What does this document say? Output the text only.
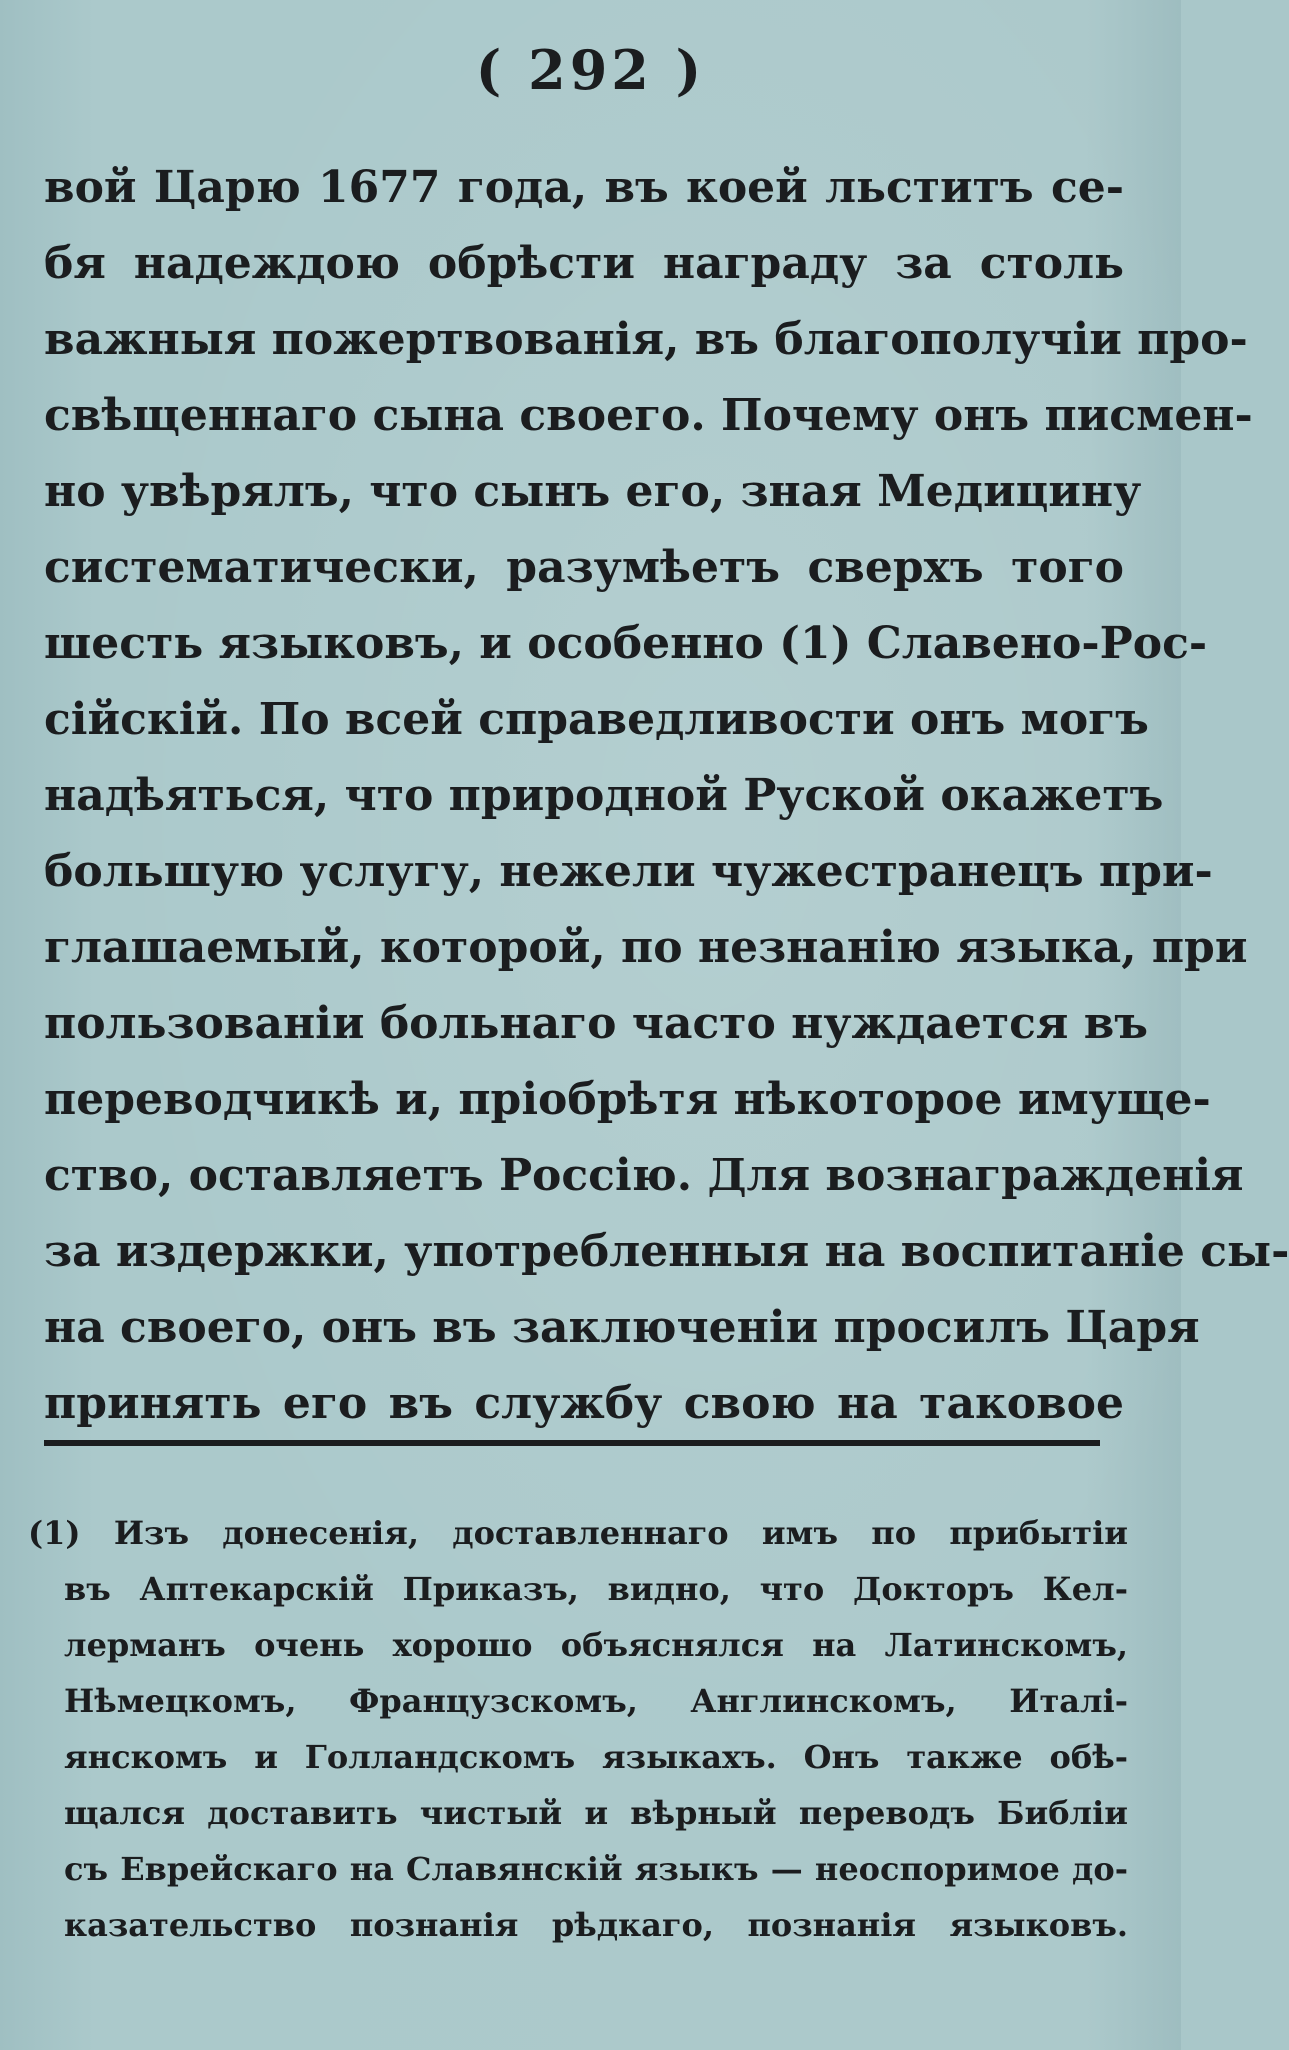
( 292 )
вой Царю 1677 года, въ коей льститъ се-
бя надеждою обрѣсти награду за столь
важныя пожертвованія, въ благополучіи про-
свѣщеннаго сына своего. Почему онъ писмен-
но увѣрялъ, что сынъ его, зная Медицину
систематически, разумѣетъ сверхъ того
шесть языковъ, и особенно (1) Славено-Рос-
сійскій. По всей справедливости онъ могъ
надѣяться, что природной Руской окажетъ
большую услугу, нежели чужестранецъ при-
глашаемый, которой, по незнанію языка, при
пользованіи больнаго часто нуждается въ
переводчикѣ и, пріобрѣтя нѣкоторое имуще-
ство, оставляетъ Россію. Для вознагражденія
за издержки, употребленныя на воспитаніе сы-
на своего, онъ въ заключеніи просилъ Царя
принять его въ службу свою на таковое
(1) Изъ донесенія, доставленнаго имъ по прибытіи
въ Аптекарскій Приказъ, видно, что Докторъ Кел-
лерманъ очень хорошо объяснялся на Латинскомъ,
Нѣмецкомъ, Французскомъ, Англинскомъ, Италі-
янскомъ и Голландскомъ языкахъ. Онъ также обѣ-
щался доставить чистый и вѣрный переводъ Библіи
съ Еврейскаго на Славянскій языкъ — неоспоримое до-
казательство познанія рѣдкаго, познанія языковъ.
